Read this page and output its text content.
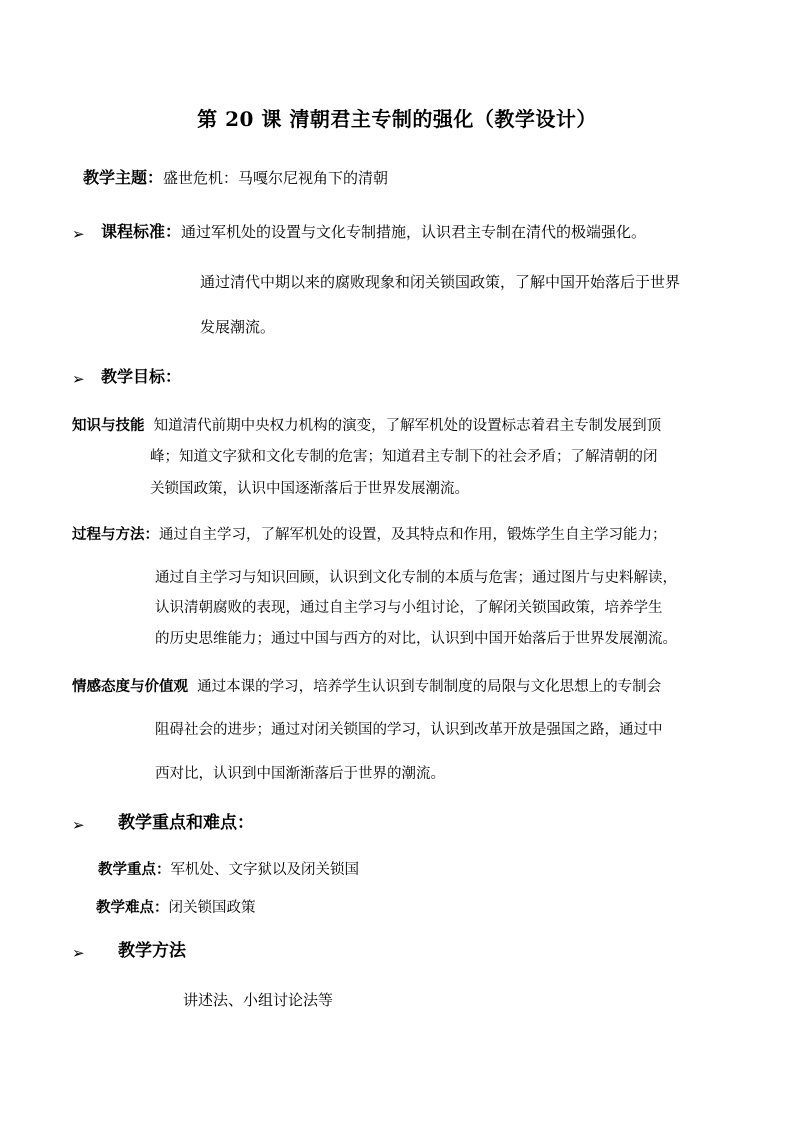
第 20 课 清朝君主专制的强化（教学设计）
教学主题：盛世危机：马嘎尔尼视角下的清朝
➢ 课程标准：通过军机处的设置与文化专制措施，认识君主专制在清代的极端强化。
通过清代中期以来的腐败现象和闭关锁国政策，了解中国开始落后于世界
发展潮流。
➢ 教学目标：
知识与技能 知道清代前期中央权力机构的演变，了解军机处的设置标志着君主专制发展到顶
峰；知道文字狱和文化专制的危害；知道君主专制下的社会矛盾；了解清朝的闭
关锁国政策，认识中国逐渐落后于世界发展潮流。
过程与方法：通过自主学习，了解军机处的设置，及其特点和作用，锻炼学生自主学习能力；
通过自主学习与知识回顾，认识到文化专制的本质与危害；通过图片与史料解读，
认识清朝腐败的表现，通过自主学习与小组讨论，了解闭关锁国政策，培养学生
的历史思维能力；通过中国与西方的对比，认识到中国开始落后于世界发展潮流。
情感态度与价值观 通过本课的学习，培养学生认识到专制制度的局限与文化思想上的专制会
阻碍社会的进步；通过对闭关锁国的学习，认识到改革开放是强国之路，通过中
西对比，认识到中国渐渐落后于世界的潮流。
➢ 教学重点和难点：
教学重点：军机处、文字狱以及闭关锁国
教学难点：闭关锁国政策
➢ 教学方法
讲述法、小组讨论法等
